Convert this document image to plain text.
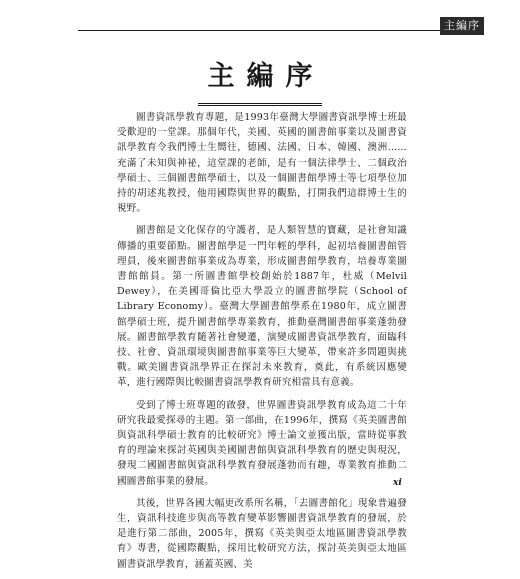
主編序
主編序

圖書資訊學教育專題，是1993年臺灣大學圖書資訊學博士班最受歡迎的一堂課。那個年代，美國、英國的圖書館事業以及圖書資訊學教育令我們博士生嚮往，德國、法國、日本、韓國、澳洲……充滿了未知與神祕，這堂課的老師，是有一個法律學士、二個政治學碩士、三個圖書館學碩士，以及一個圖書館學博士等七項學位加持的胡述兆教授，他用國際與世界的觀點，打開我們這群博士生的視野。

圖書館是文化保存的守護者，是人類智慧的寶藏，是社會知識傳播的重要節點。圖書館學是一門年輕的學科，起初培養圖書館管理員，後來圖書館事業成為專業，形成圖書館學教育，培養專業圖書館館員。第一所圖書館學校創始於1887年，杜威（Melvil Dewey），在美國哥倫比亞大學設立的圖書館學院（School of Library Economy）。臺灣大學圖書館學系在1980年，成立圖書館學碩士班，提升圖書館學專業教育，推動臺灣圖書館事業蓬勃發展。圖書館學教育隨著社會變遷，演變成圖書資訊學教育，面臨科技、社會、資訊環境與圖書館事業等巨大變革，帶來許多問題與挑戰。歐美圖書資訊學界正在探討未來教育，奠此，有系統因應變革，進行國際與比較圖書資訊學教育研究相當具有意義。

受到了博士班專題的啟發，世界圖書資訊學教育成為這二十年研究我最愛探尋的主題。第一部曲，在1996年，撰寫《英美圖書館與資訊科學碩士教育的比較研究》博士論文並獲出版，當時從事教育的理論來探討英國與美國圖書館與資訊科學教育的歷史與現況，發現二國圖書館與資訊科學教育發展蓬勃而有趣，專業教育推動二國圖書館事業的發展。

其後，世界各國大幅更改系所名稱，「去圖書館化」現象普遍發生，資訊科技進步與高等教育變革影響圖書資訊學教育的發展，於是進行第二部曲，2005年，撰寫《英美與亞太地區圖書資訊學教育》專書，從國際觀點，採用比較研究方法，探討英美與亞太地區圖書資訊學教育，涵蓋英國、美

xi
